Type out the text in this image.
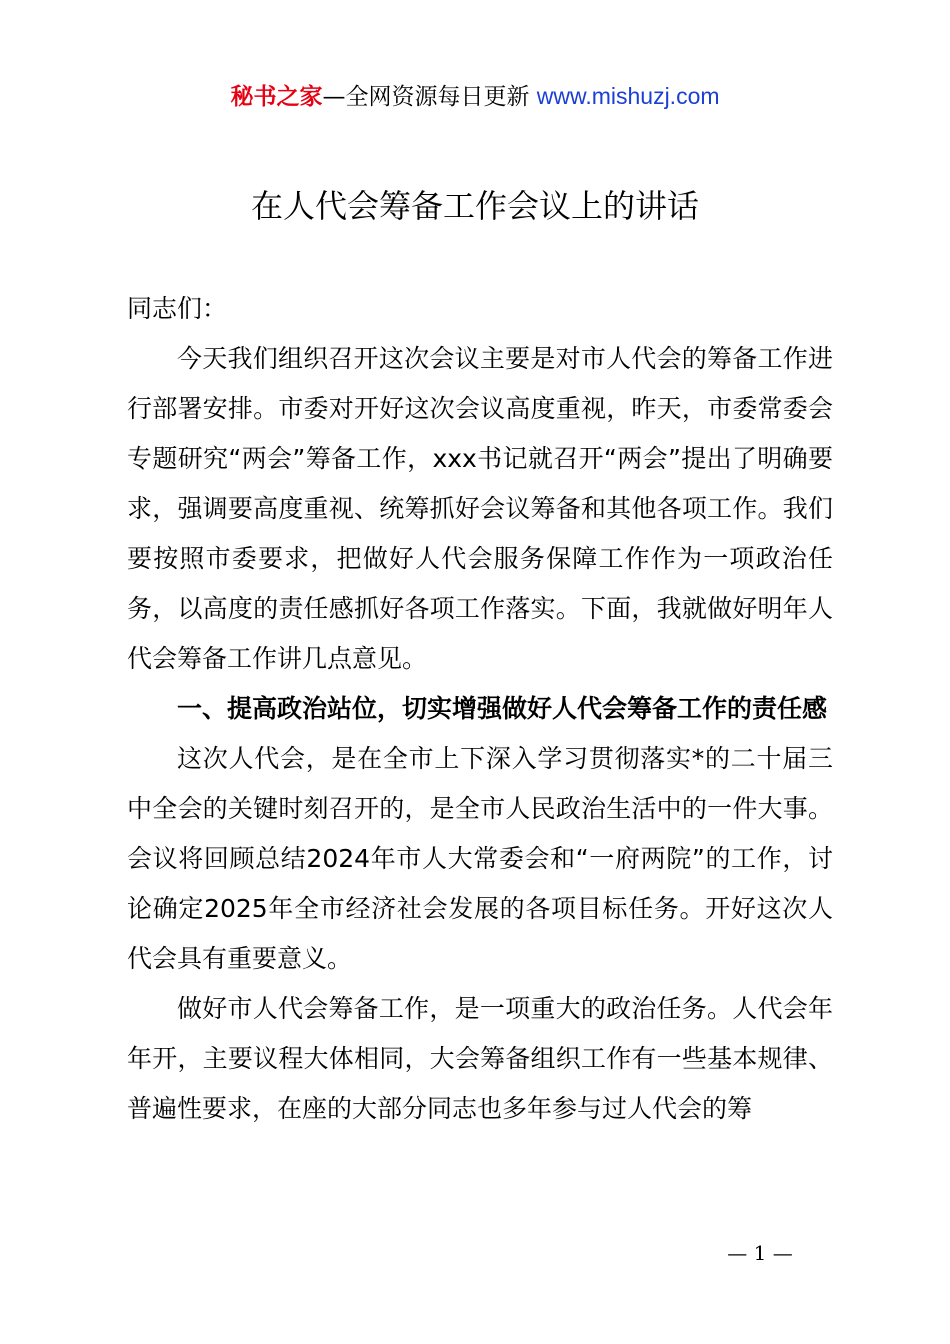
秘书之家—全网资源每日更新 www.mishuzj.com
在人代会筹备工作会议上的讲话

同志们：

今天我们组织召开这次会议主要是对市人代会的筹备工作进行部署安排。市委对开好这次会议高度重视，昨天，市委常委会专题研究“两会”筹备工作，xxx书记就召开“两会”提出了明确要求，强调要高度重视、统筹抓好会议筹备和其他各项工作。我们要按照市委要求，把做好人代会服务保障工作作为一项政治任务，以高度的责任感抓好各项工作落实。下面，我就做好明年人代会筹备工作讲几点意见。

一、提高政治站位，切实增强做好人代会筹备工作的责任感

这次人代会，是在全市上下深入学习贯彻落实*的二十届三中全会的关键时刻召开的，是全市人民政治生活中的一件大事。会议将回顾总结2024年市人大常委会和“一府两院”的工作，讨论确定2025年全市经济社会发展的各项目标任务。开好这次人代会具有重要意义。

做好市人代会筹备工作，是一项重大的政治任务。人代会年年开，主要议程大体相同，大会筹备组织工作有一些基本规律、普遍性要求，在座的大部分同志也多年参与过人代会的筹

— 1 —
